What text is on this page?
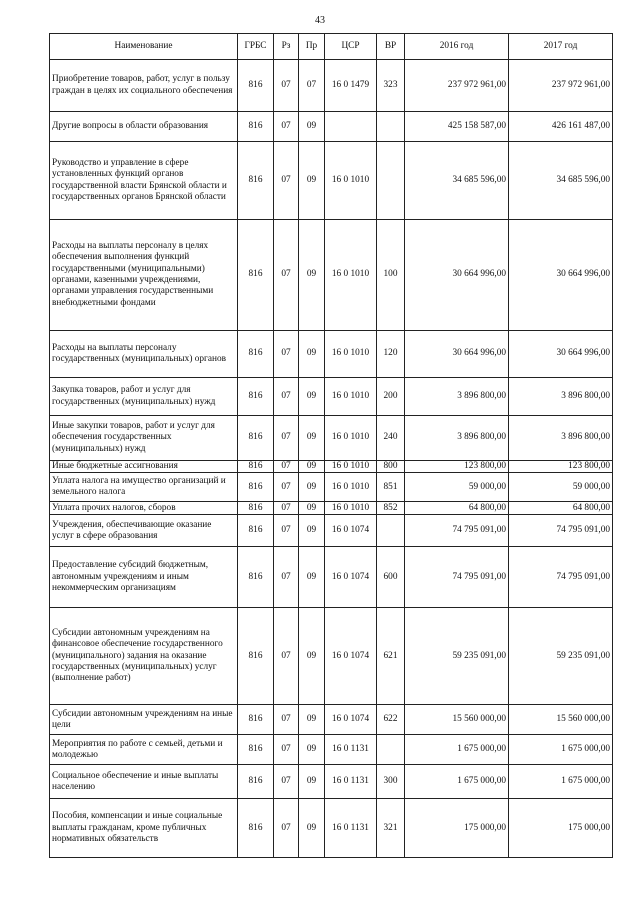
43
Наименование	ГРБС	Рз	Пр	ЦСР	ВР	2016 год	2017 год
Приобретение товаров, работ, услуг в пользу граждан в целях их социального обеспечения	816	07	07	16 0 1479	323	237 972 961,00	237 972 961,00
Другие вопросы в области образования	816	07	09			425 158 587,00	426 161 487,00
Руководство и управление в сфере установленных функций органов государственной власти Брянской области и государственных органов Брянской области	816	07	09	16 0 1010		34 685 596,00	34 685 596,00
Расходы на выплаты персоналу в целях обеспечения выполнения функций государственными (муниципальными) органами, казенными учреждениями, органами управления государственными внебюджетными фондами	816	07	09	16 0 1010	100	30 664 996,00	30 664 996,00
Расходы на выплаты персоналу государственных (муниципальных) органов	816	07	09	16 0 1010	120	30 664 996,00	30 664 996,00
Закупка товаров, работ и услуг для государственных (муниципальных) нужд	816	07	09	16 0 1010	200	3 896 800,00	3 896 800,00
Иные закупки товаров, работ и услуг для обеспечения государственных (муниципальных) нужд	816	07	09	16 0 1010	240	3 896 800,00	3 896 800,00
Иные бюджетные ассигнования	816	07	09	16 0 1010	800	123 800,00	123 800,00
Уплата налога на имущество организаций и земельного налога	816	07	09	16 0 1010	851	59 000,00	59 000,00
Уплата прочих налогов, сборов	816	07	09	16 0 1010	852	64 800,00	64 800,00
Учреждения, обеспечивающие оказание услуг в сфере образования	816	07	09	16 0 1074		74 795 091,00	74 795 091,00
Предоставление субсидий бюджетным, автономным учреждениям и иным некоммерческим организациям	816	07	09	16 0 1074	600	74 795 091,00	74 795 091,00
Субсидии автономным учреждениям на финансовое обеспечение государственного (муниципального) задания на оказание государственных (муниципальных) услуг (выполнение работ)	816	07	09	16 0 1074	621	59 235 091,00	59 235 091,00
Субсидии автономным учреждениям на иные цели	816	07	09	16 0 1074	622	15 560 000,00	15 560 000,00
Мероприятия по работе с семьей, детьми и молодежью	816	07	09	16 0 1131		1 675 000,00	1 675 000,00
Социальное обеспечение и иные выплаты населению	816	07	09	16 0 1131	300	1 675 000,00	1 675 000,00
Пособия, компенсации и иные социальные выплаты гражданам, кроме публичных нормативных обязательств	816	07	09	16 0 1131	321	175 000,00	175 000,00
